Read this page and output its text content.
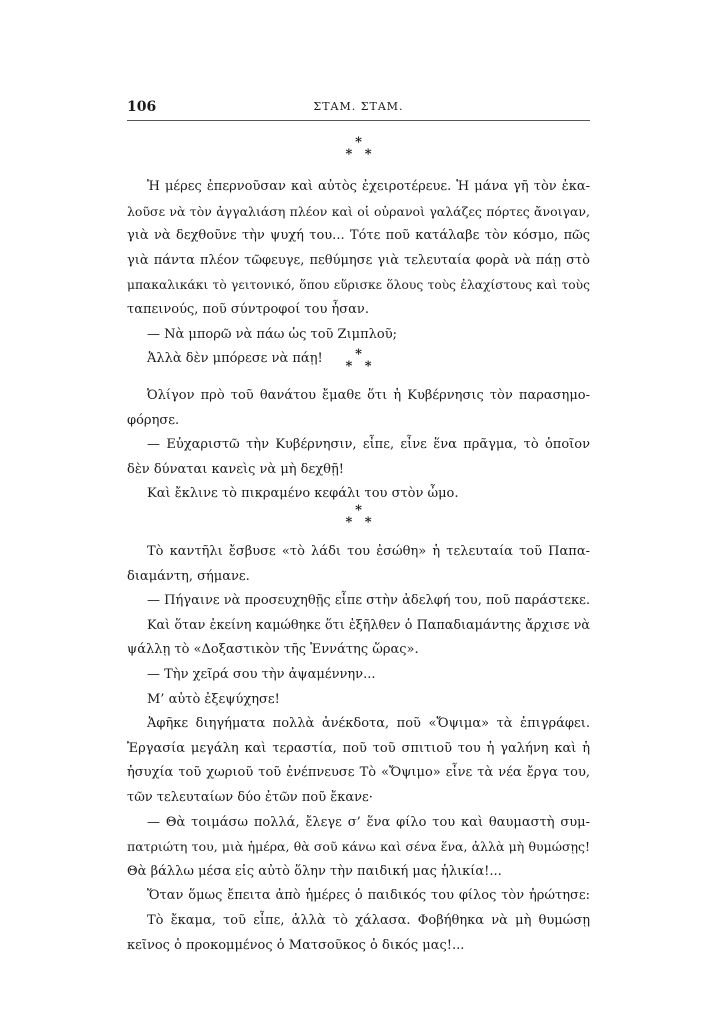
106	ΣΤΑΜ. ΣΤΑΜ.
*
* *
Ἡ μέρες ἐπερνοῦσαν καὶ αὐτὸς ἐχειροτέρευε. Ἡ μάνα γῆ τὸν ἐκα-
λοῦσε νὰ τὸν ἀγγαλιάση πλέον καὶ οἱ οὐρανοὶ γαλάζες πόρτες ἄνοιγαν,
γιὰ νὰ δεχθοῦνε τὴν ψυχή του... Τότε ποῦ κατάλαβε τὸν κόσμο, πῶς
γιὰ πάντα πλέον τῶφευγε, πεθύμησε γιὰ τελευταία φορὰ νὰ πάῃ στὸ
μπακαλικάκι τὸ γειτονικό, ὅπου εὕρισκε ὅλους τοὺς ἐλαχίστους καὶ τοὺς
ταπεινούς, ποῦ σύντροφοί του ἦσαν.
— Νὰ μπορῶ νὰ πάω ὡς τοῦ Ζιμπλοῦ;
Ἀλλὰ δὲν μπόρεσε νὰ πάῃ!	*
* *
Ὀλίγον πρὸ τοῦ θανάτου ἔμαθε ὅτι ἡ Κυβέρνησις τὸν παρασημο-
φόρησε.
— Εὐχαριστῶ τὴν Κυβέρνησιν, εἶπε, εἶνε ἕνα πρᾶγμα, τὸ ὁποῖον
δὲν δύναται κανεὶς νὰ μὴ δεχθῇ!
Καὶ ἔκλινε τὸ πικραμένο κεφάλι του στὸν ὦμο.
*
* *
Τὸ καντῆλι ἔσβυσε «τὸ λάδι του ἐσώθη» ἡ τελευταία τοῦ Παπα-
διαμάντη, σήμανε.
— Πήγαινε νὰ προσευχηθῇς εἶπε στὴν ἀδελφή του, ποῦ παράστεκε.
Καὶ ὅταν ἐκείνη καμώθηκε ὅτι ἐξῆλθεν ὁ Παπαδιαμάντης ἄρχισε νὰ
ψάλλῃ τὸ «Δοξαστικὸν τῆς Ἐννάτης ὥρας».
— Τὴν χεῖρά σου τὴν ἀψαμέννην...
Μ’ αὐτὸ ἐξεψύχησε!
Ἀφῆκε διηγήματα πολλὰ ἀνέκδοτα, ποῦ «Ὄψιμα» τὰ ἐπιγράφει.
Ἐργασία μεγάλη καὶ τεραστία, ποῦ τοῦ σπιτιοῦ του ἡ γαλήνη καὶ ἡ
ἡσυχία τοῦ χωριοῦ τοῦ ἐνέπνευσε Τὸ «Ὄψιμο» εἶνε τὰ νέα ἔργα του,
τῶν τελευταίων δύο ἐτῶν ποῦ ἔκανε·
— Θὰ τοιμάσω πολλά, ἔλεγε σ’ ἕνα φίλο του καὶ θαυμαστὴ συμ-
πατριώτη του, μιὰ ἡμέρα, θὰ σοῦ κάνω καὶ σένα ἕνα, ἀλλὰ μὴ θυμώσῃς!
Θὰ βάλλω μέσα εἰς αὐτὸ ὅλην τὴν παιδική μας ἡλικία!...
Ὅταν ὅμως ἔπειτα ἀπὸ ἡμέρες ὁ παιδικός του φίλος τὸν ἠρώτησε:
Τὸ ἔκαμα, τοῦ εἶπε, ἀλλὰ τὸ χάλασα. Φοβήθηκα νὰ μὴ θυμώσῃ
κεῖνος ὁ προκομμένος ὁ Ματσοῦκος ὁ δικός μας!...
